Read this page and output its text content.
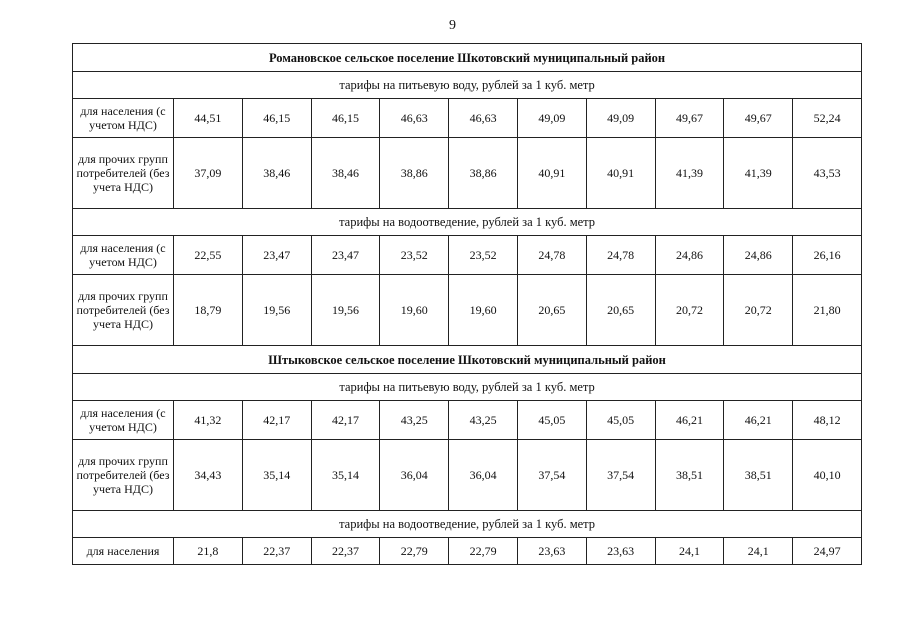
9
Романовское сельское поселение Шкотовский муниципальный район										
тарифы на питьевую воду, рублей за 1 куб. метр										
для населения (с учетом НДС)	44,51	46,15	46,15	46,63	46,63	49,09	49,09	49,67	49,67	52,24
для прочих групп потребителей (без учета НДС)	37,09	38,46	38,46	38,86	38,86	40,91	40,91	41,39	41,39	43,53
тарифы на водоотведение, рублей за 1 куб. метр										
для населения (с учетом НДС)	22,55	23,47	23,47	23,52	23,52	24,78	24,78	24,86	24,86	26,16
для прочих групп потребителей (без учета НДС)	18,79	19,56	19,56	19,60	19,60	20,65	20,65	20,72	20,72	21,80
Штыковское сельское поселение Шкотовский муниципальный район										
тарифы на питьевую воду, рублей за 1 куб. метр										
для населения (с учетом НДС)	41,32	42,17	42,17	43,25	43,25	45,05	45,05	46,21	46,21	48,12
для прочих групп потребителей (без учета НДС)	34,43	35,14	35,14	36,04	36,04	37,54	37,54	38,51	38,51	40,10
тарифы на водоотведение, рублей за 1 куб. метр										
для населения	21,8	22,37	22,37	22,79	22,79	23,63	23,63	24,1	24,1	24,97
